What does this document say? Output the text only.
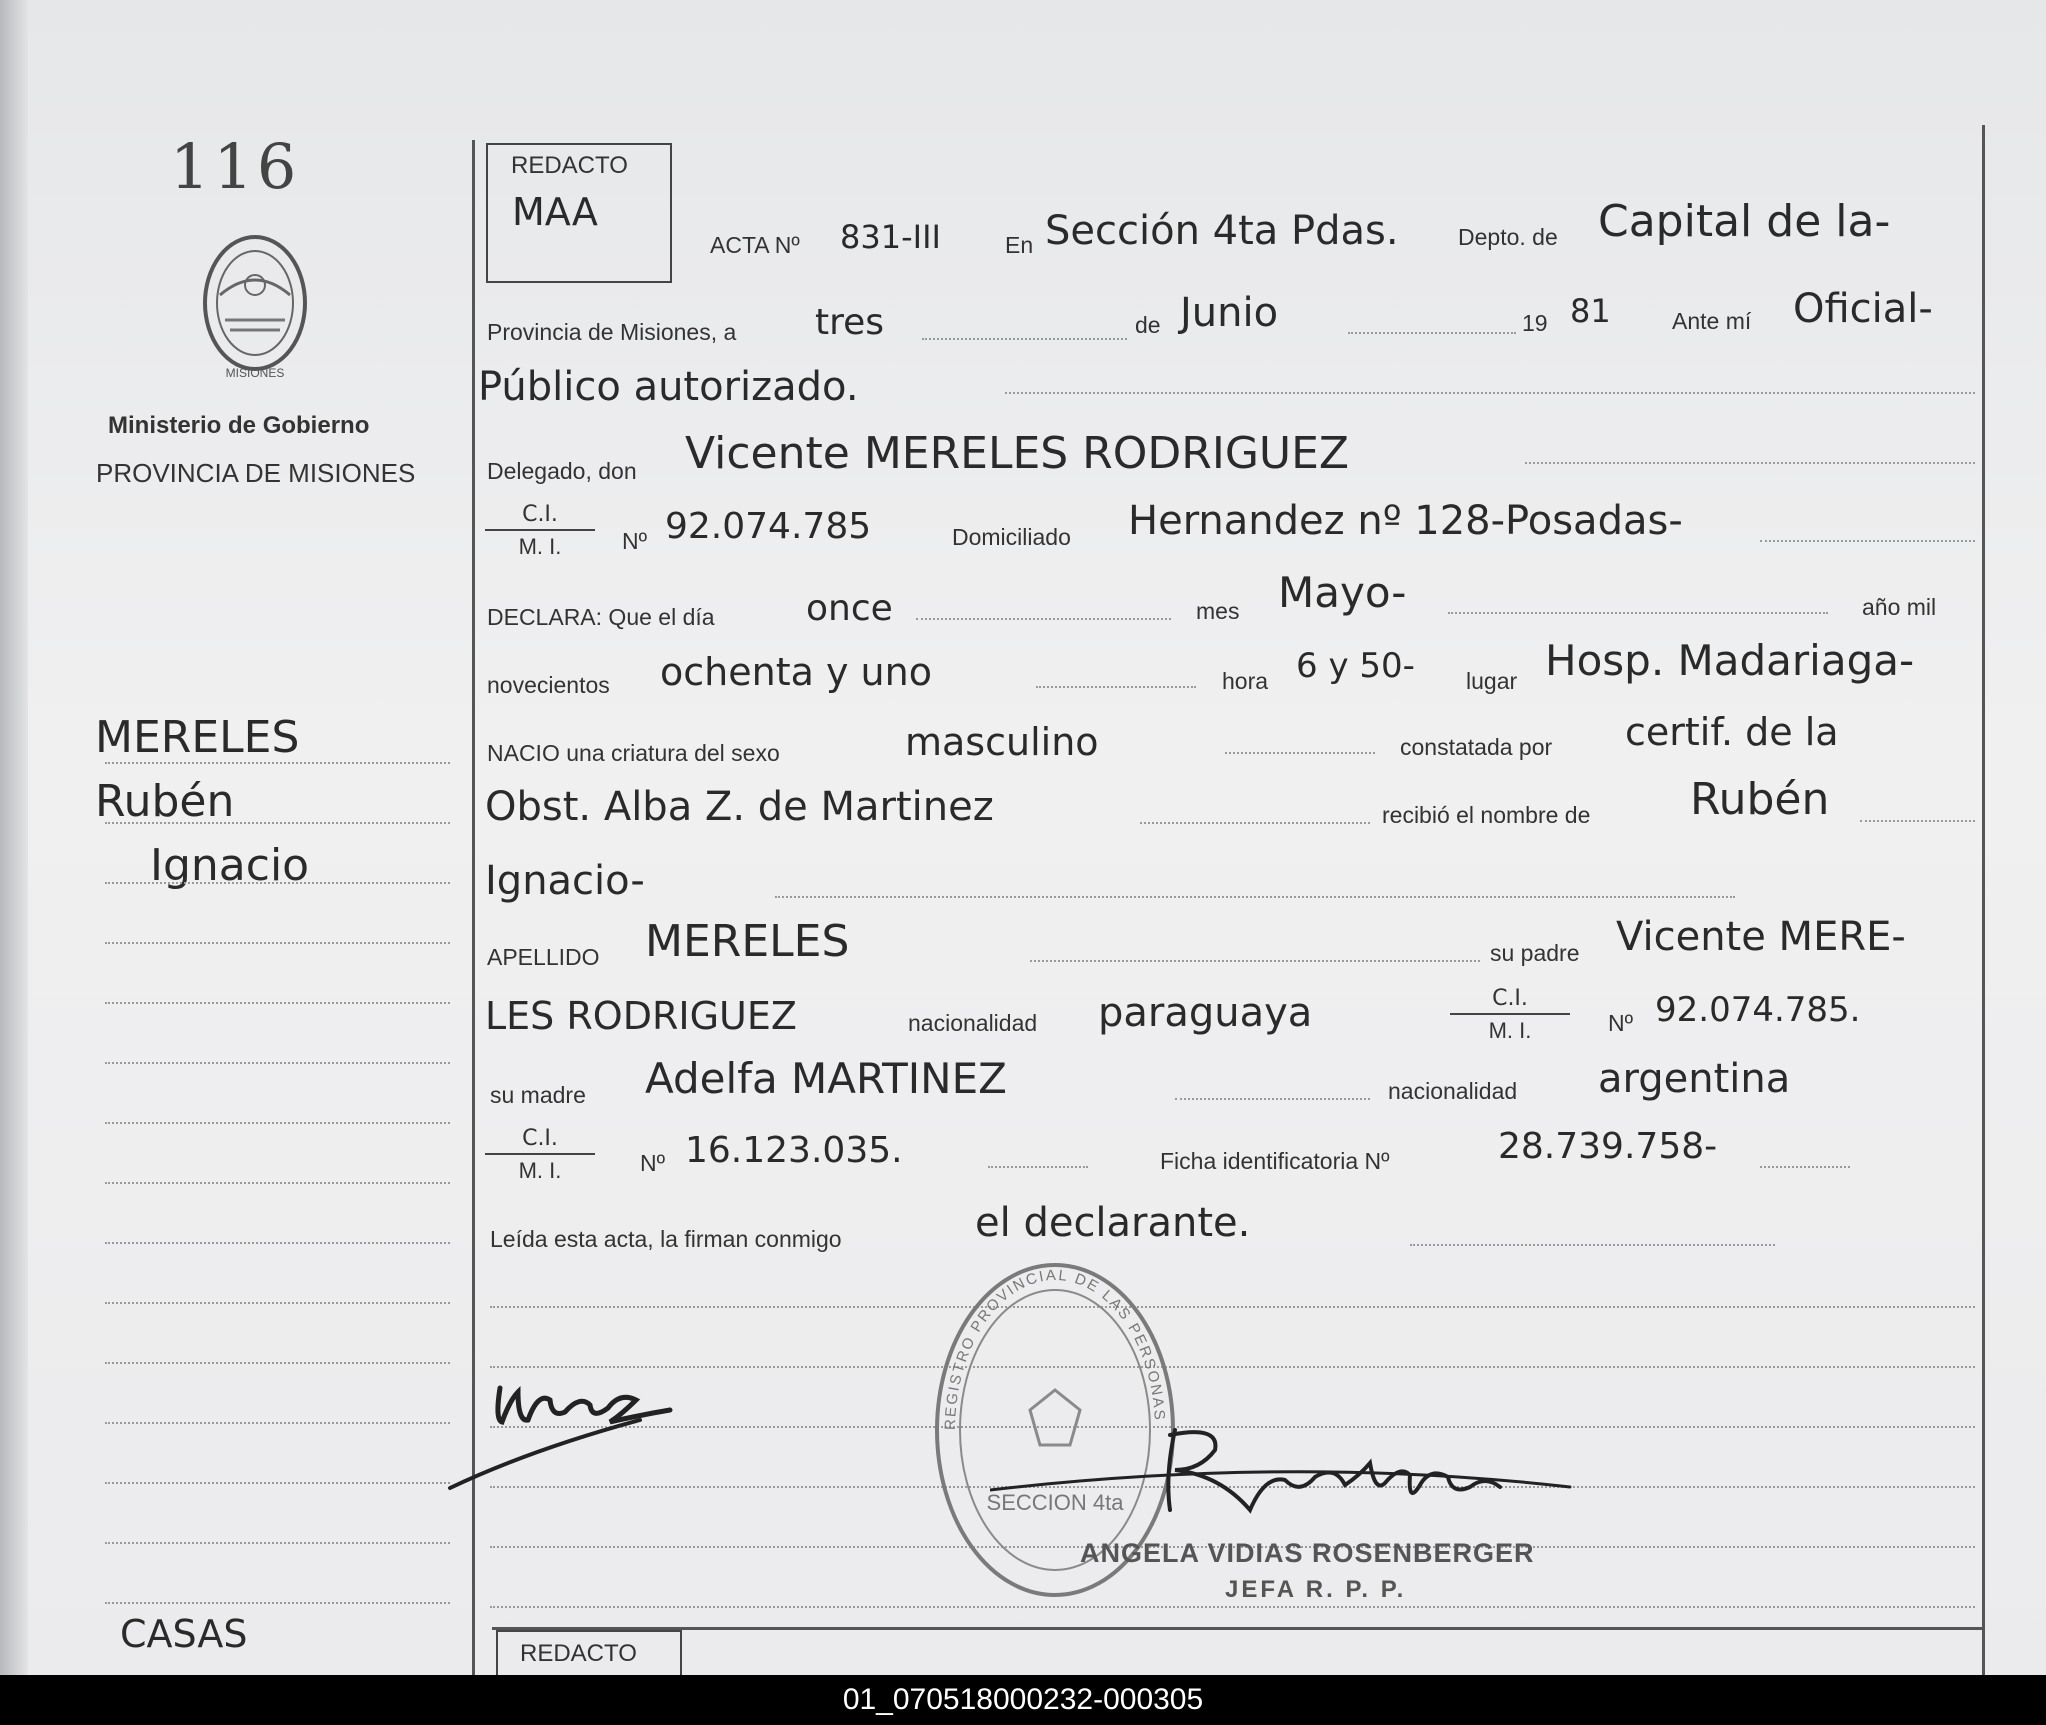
116
MISIONES
Ministerio de Gobierno
PROVINCIA DE MISIONES
MERELES
Rubén
Ignacio
CASAS
REDACTO
MAA
ACTA Nº 831-III	En Sección 4ta Pdas.	Depto. de Capital de la-
Provincia de Misiones, a tres	de Junio	19 81	Ante mí Oficial-
Público autorizado.
Delegado, don Vicente MERELES RODRIGUEZ
$\frac{C.I.}{M. I.}$ Nº 92.074.785	Domiciliado Hernandez nº 128-Posadas-
DECLARA: Que el día	once	mes Mayo-	año mil
novecientos ochenta y uno	hora 6 y 50- lugar Hosp. Madariaga-
NACIO una criatura del sexo	masculino	constatada por certif. de la
Obst. Alba Z. de Martinez	recibió el nombre de Rubén
Ignacio-
APELLIDO MERELES	su padre Vicente MERE-
LES RODRIGUEZ	nacionalidad paraguaya	$\frac{C.I.}{M. I.}$ Nº 92.074.785.
su madre Adelfa MARTINEZ	nacionalidad argentina
$\frac{C.I.}{M. I.}$ Nº 16.123.035.	Ficha identificatoria Nº	28.739.758-
Leída esta acta, la firman conmigo	el declarante.
REGISTRO PROVINCIAL DE LAS PERSONAS
SECCION 4ta
ANGELA VIDIAS ROSENBERGER
JEFA R. P. P.
REDACTO
01_070518000232-000305
